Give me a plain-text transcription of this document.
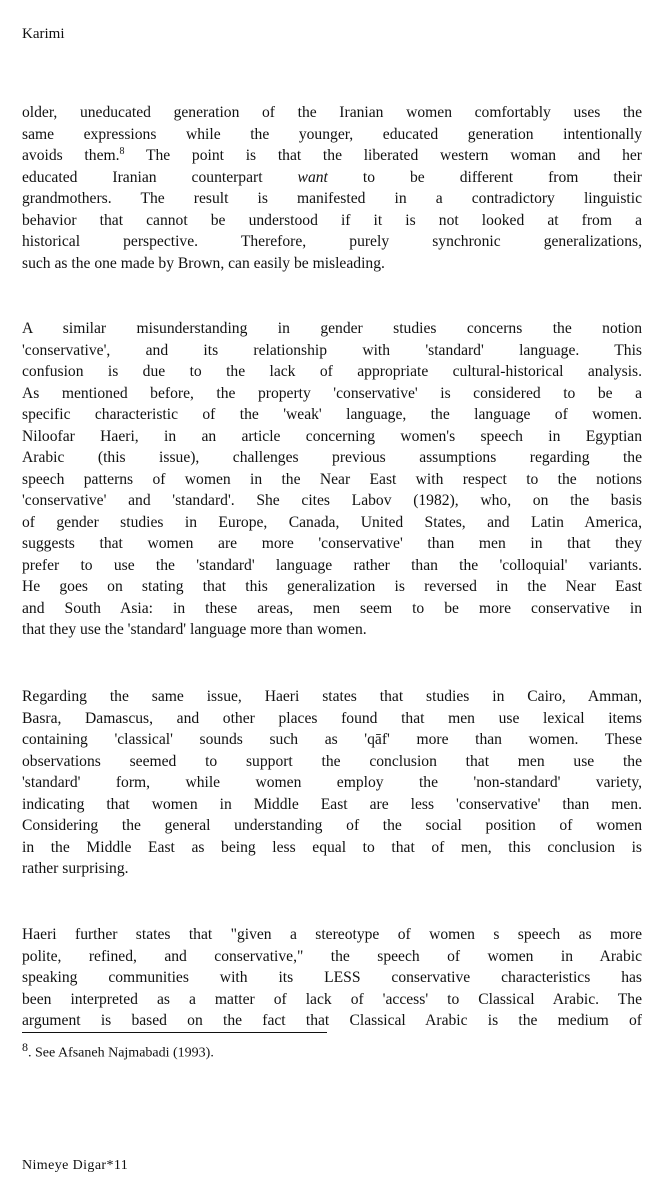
Karimi
older, uneducated generation of the Iranian women comfortably uses the
same expressions while the younger, educated generation intentionally
avoids them.$^8$ The point is that the liberated western woman and her
educated Iranian counterpart want to be different from their
grandmothers. The result is manifested in a contradictory linguistic
behavior that cannot be understood if it is not looked at from a
historical perspective. Therefore, purely synchronic generalizations,
such as the one made by Brown, can easily be misleading.
A similar misunderstanding in gender studies concerns the notion
'conservative', and its relationship with 'standard' language. This
confusion is due to the lack of appropriate cultural-historical analysis.
As mentioned before, the property 'conservative' is considered to be a
specific characteristic of the 'weak' language, the language of women.
Niloofar Haeri, in an article concerning women's speech in Egyptian
Arabic (this issue), challenges previous assumptions regarding the
speech patterns of women in the Near East with respect to the notions
'conservative' and 'standard'. She cites Labov (1982), who, on the basis
of gender studies in Europe, Canada, United States, and Latin America,
suggests that women are more 'conservative' than men in that they
prefer to use the 'standard' language rather than the 'colloquial' variants.
He goes on stating that this generalization is reversed in the Near East
and South Asia: in these areas, men seem to be more conservative in
that they use the 'standard' language more than women.
Regarding the same issue, Haeri states that studies in Cairo, Amman,
Basra, Damascus, and other places found that men use lexical items
containing 'classical' sounds such as 'qāf' more than women. These
observations seemed to support the conclusion that men use the
'standard' form, while women employ the 'non-standard' variety,
indicating that women in Middle East are less 'conservative' than men.
Considering the general understanding of the social position of women
in the Middle East as being less equal to that of men, this conclusion is
rather surprising.
Haeri further states that "given a stereotype of women s speech as more
polite, refined, and conservative," the speech of women in Arabic
speaking communities with its LESS conservative characteristics has
been interpreted as a matter of lack of 'access' to Classical Arabic. The
argument is based on the fact that Classical Arabic is the medium of
8. See Afsaneh Najmabadi (1993).
Nimeye Digar*11
